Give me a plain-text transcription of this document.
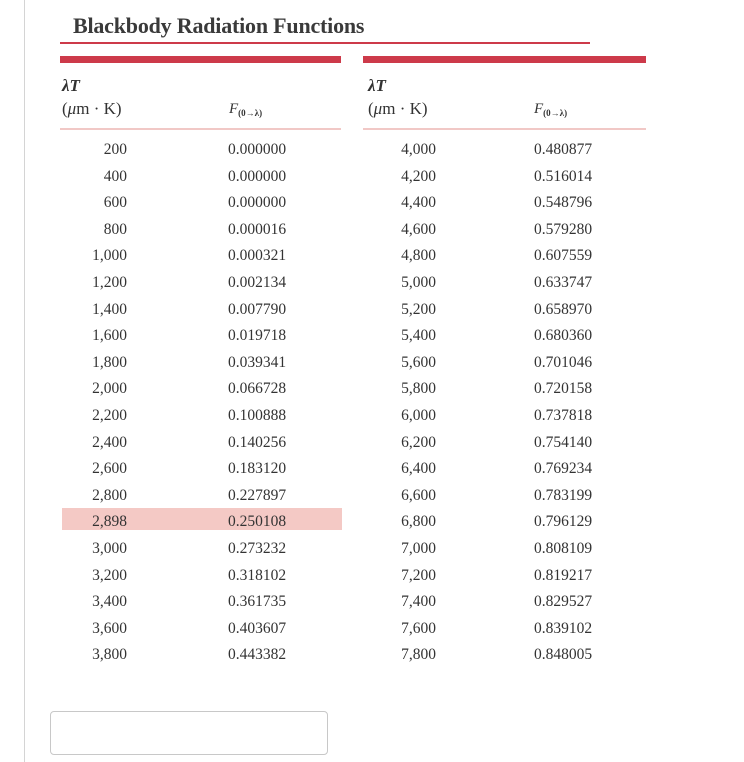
Blackbody Radiation Functions
λT
(μm · K)	$F_{(0\to\lambda)}$
λT
(μm · K)	$F_{(0\to\lambda)}$
200	0.000000
400	0.000000
600	0.000000
800	0.000016
1,000	0.000321
1,200	0.002134
1,400	0.007790
1,600	0.019718
1,800	0.039341
2,000	0.066728
2,200	0.100888
2,400	0.140256
2,600	0.183120
2,800	0.227897
2,898	0.250108
3,000	0.273232
3,200	0.318102
3,400	0.361735
3,600	0.403607
3,800	0.443382
4,000	0.480877
4,200	0.516014
4,400	0.548796
4,600	0.579280
4,800	0.607559
5,000	0.633747
5,200	0.658970
5,400	0.680360
5,600	0.701046
5,800	0.720158
6,000	0.737818
6,200	0.754140
6,400	0.769234
6,600	0.783199
6,800	0.796129
7,000	0.808109
7,200	0.819217
7,400	0.829527
7,600	0.839102
7,800	0.848005
